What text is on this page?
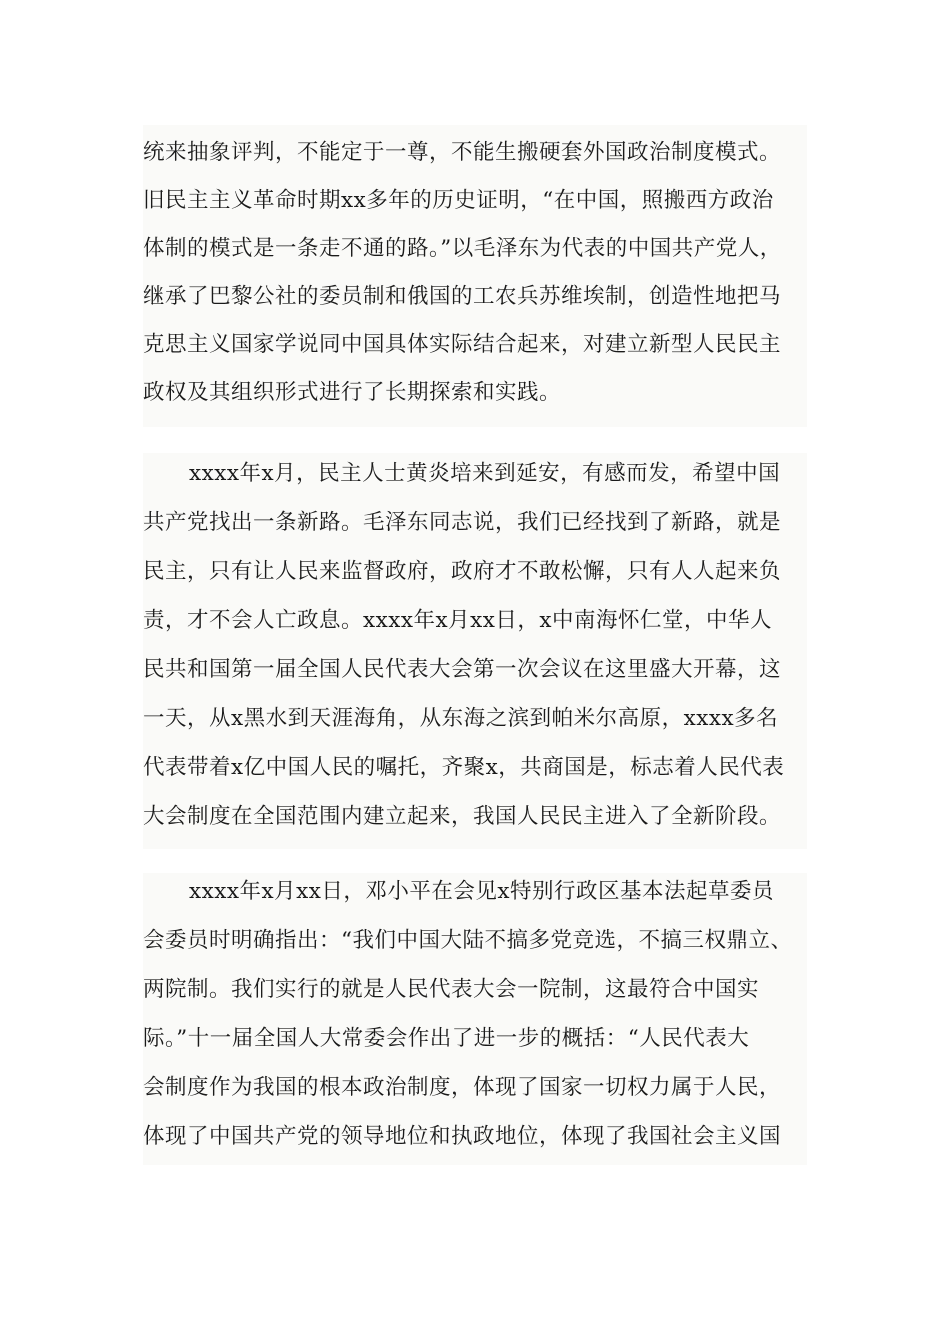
统来抽象评判，不能定于一尊，不能生搬硬套外国政治制度模式。
旧民主主义革命时期xx多年的历史证明，“在中国，照搬西方政治
体制的模式是一条走不通的路。”以毛泽东为代表的中国共产党人，
继承了巴黎公社的委员制和俄国的工农兵苏维埃制，创造性地把马
克思主义国家学说同中国具体实际结合起来，对建立新型人民民主
政权及其组织形式进行了长期探索和实践。
xxxx年x月，民主人士黄炎培来到延安，有感而发，希望中国
共产党找出一条新路。毛泽东同志说，我们已经找到了新路，就是
民主，只有让人民来监督政府，政府才不敢松懈，只有人人起来负
责，才不会人亡政息。xxxx年x月xx日，x中南海怀仁堂，中华人
民共和国第一届全国人民代表大会第一次会议在这里盛大开幕，这
一天，从x黑水到天涯海角，从东海之滨到帕米尔高原，xxxx多名
代表带着x亿中国人民的嘱托，齐聚x，共商国是，标志着人民代表
大会制度在全国范围内建立起来，我国人民民主进入了全新阶段。
xxxx年x月xx日，邓小平在会见x特别行政区基本法起草委员
会委员时明确指出：“我们中国大陆不搞多党竞选，不搞三权鼎立、
两院制。我们实行的就是人民代表大会一院制，这最符合中国实
际。”十一届全国人大常委会作出了进一步的概括：“人民代表大
会制度作为我国的根本政治制度，体现了国家一切权力属于人民，
体现了中国共产党的领导地位和执政地位，体现了我国社会主义国
